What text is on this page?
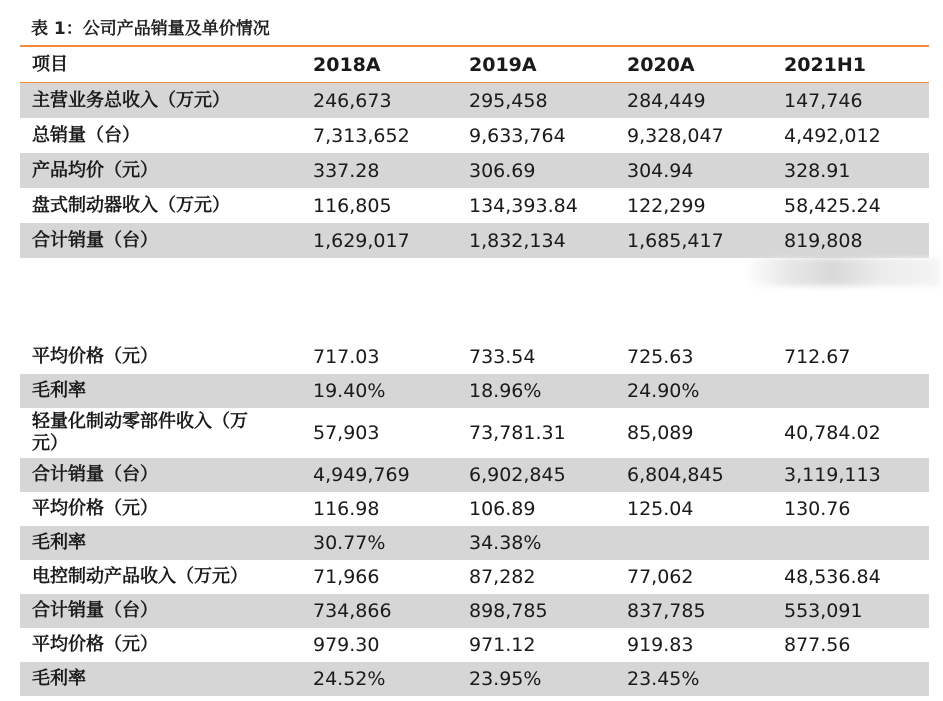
表 1：公司产品销量及单价情况
项目	2018A	2019A	2020A	2021H1
主营业务总收入（万元）	246,673	295,458	284,449	147,746
总销量（台）	7,313,652	9,633,764	9,328,047	4,492,012
产品均价（元）	337.28	306.69	304.94	328.91
盘式制动器收入（万元）	116,805	134,393.84	122,299	58,425.24
合计销量（台）	1,629,017	1,832,134	1,685,417	819,808
平均价格（元）	717.03	733.54	725.63	712.67
毛利率	19.40%	18.96%	24.90%
轻量化制动零部件收入（万元）	57,903	73,781.31	85,089	40,784.02
合计销量（台）	4,949,769	6,902,845	6,804,845	3,119,113
平均价格（元）	116.98	106.89	125.04	130.76
毛利率	30.77%	34.38%
电控制动产品收入（万元）	71,966	87,282	77,062	48,536.84
合计销量（台）	734,866	898,785	837,785	553,091
平均价格（元）	979.30	971.12	919.83	877.56
毛利率	24.52%	23.95%	23.45%
